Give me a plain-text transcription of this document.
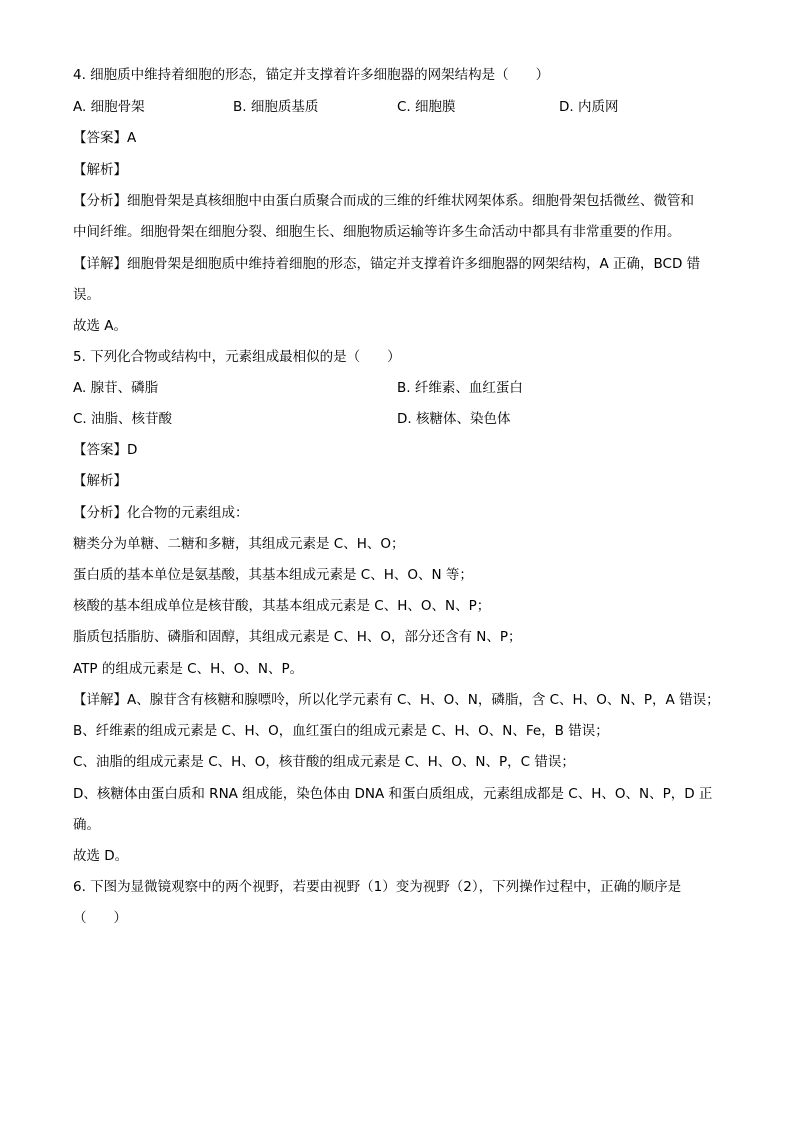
4. 细胞质中维持着细胞的形态，锚定并支撑着许多细胞器的网架结构是（　　）
A. 细胞骨架	B. 细胞质基质	C. 细胞膜	D. 内质网
【答案】A
【解析】
【分析】细胞骨架是真核细胞中由蛋白质聚合而成的三维的纤维状网架体系。细胞骨架包括微丝、微管和
中间纤维。细胞骨架在细胞分裂、细胞生长、细胞物质运输等许多生命活动中都具有非常重要的作用。
【详解】细胞骨架是细胞质中维持着细胞的形态，锚定并支撑着许多细胞器的网架结构，A 正确，BCD 错
误。
故选 A。
5. 下列化合物或结构中，元素组成最相似的是（　　）
A. 腺苷、磷脂	B. 纤维素、血红蛋白
C. 油脂、核苷酸	D. 核糖体、染色体
【答案】D
【解析】
【分析】化合物的元素组成：
糖类分为单糖、二糖和多糖，其组成元素是 C、H、O；
蛋白质的基本单位是氨基酸，其基本组成元素是 C、H、O、N 等；
核酸的基本组成单位是核苷酸，其基本组成元素是 C、H、O、N、P；
脂质包括脂肪、磷脂和固醇，其组成元素是 C、H、O，部分还含有 N、P；
ATP 的组成元素是 C、H、O、N、P。
【详解】A、腺苷含有核糖和腺嘌呤，所以化学元素有 C、H、O、N，磷脂，含 C、H、O、N、P，A 错误；
B、纤维素的组成元素是 C、H、O，血红蛋白的组成元素是 C、H、O、N、Fe，B 错误；
C、油脂的组成元素是 C、H、O，核苷酸的组成元素是 C、H、O、N、P，C 错误；
D、核糖体由蛋白质和 RNA 组成能，染色体由 DNA 和蛋白质组成，元素组成都是 C、H、O、N、P，D 正
确。
故选 D。
6. 下图为显微镜观察中的两个视野，若要由视野（1）变为视野（2），下列操作过程中，正确的顺序是
（　　）
